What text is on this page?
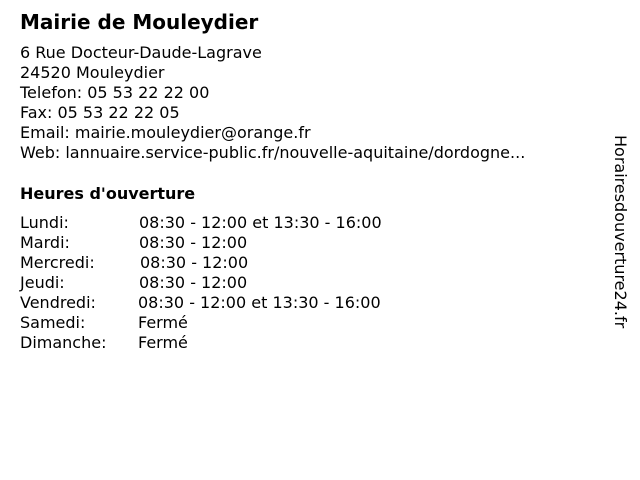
Mairie de Mouleydier
6 Rue Docteur-Daude-Lagrave
24520 Mouleydier
Telefon: 05 53 22 22 00
Fax: 05 53 22 22 05
Email: mairie.mouleydier@orange.fr
Web: lannuaire.service-public.fr/nouvelle-aquitaine/dordogne...
Heures d'ouverture
Lundi:	08:30 - 12:00 et 13:30 - 16:00
Mardi:	08:30 - 12:00
Mercredi:	08:30 - 12:00
Jeudi:	08:30 - 12:00
Vendredi:	08:30 - 12:00 et 13:30 - 16:00
Samedi:	Fermé
Dimanche: Fermé
Horairesdouverture24.fr
